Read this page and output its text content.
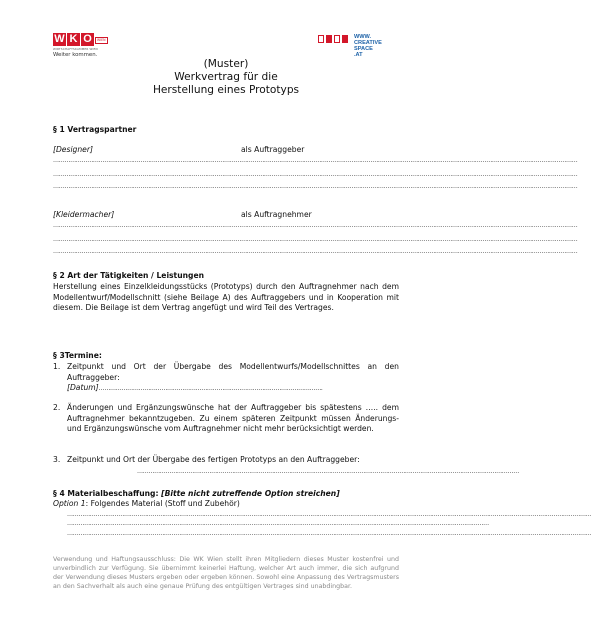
W K O	WIEN
WIRTSCHAFTSKAMMER WIEN
Weiter kommen.
WWW.
CREATIVE
SPACE
.AT
(Muster)
Werkvertrag für die
Herstellung eines Prototyps
§ 1 Vertragspartner
[Designer]	als Auftraggeber
……………………………………………………………………………………………………………………………………………………………………………………………………………………………………………………
……………………………………………………………………………………………………………………………………………………………………………………………………………………………………………………
……………………………………………………………………………………………………………………………………………………………………………………………………………………………………………………
[Kleidermacher]	als Auftragnehmer
……………………………………………………………………………………………………………………………………………………………………………………………………………………………………………………
……………………………………………………………………………………………………………………………………………………………………………………………………………………………………………………
……………………………………………………………………………………………………………………………………………………………………………………………………………………………………………………
§ 2 Art der Tätigkeiten / Leistungen
Herstellung eines Einzelkleidungsstücks (Prototyps) durch den Auftragnehmer nach dem Modellentwurf/Modellschnitt (siehe Beilage A) des Auftraggebers und in Kooperation mit diesem. Die Beilage ist dem Vertrag angefügt und wird Teil des Vertrages.
§ 3Termine:
1. Zeitpunkt und Ort der Übergabe des Modellentwurfs/Modellschnittes an den Auftraggeber:
[Datum]……………………………………………………………………………………………………….
2. Änderungen und Ergänzungswünsche hat der Auftraggeber bis spätestens ….. dem Auftragnehmer bekanntzugeben. Zu einem späteren Zeitpunkt müssen Änderungs- und Ergänzungswünsche vom Auftragnehmer nicht mehr berücksichtigt werden.
3. Zeitpunkt und Ort der Übergabe des fertigen Prototyps an den Auftraggeber:
…………………………………………………………………………………………………………………………………………………………………………………
§ 4 Materialbeschaffung: [Bitte nicht zutreffende Option streichen]
Option 1: Folgendes Material (Stoff und Zubehör)
……………………………………………………………………………………………………………………………………………………………………………………………………………………………………………………
……………………………………………………………………………………………………………………………………………………………………………………………………
……………………………………………………………………………………………………………………………………………………………………………………………………………………………………………………
Verwendung und Haftungsausschluss: Die WK Wien stellt ihren Mitgliedern dieses Muster kostenfrei und unverbindlich zur Verfügung. Sie übernimmt keinerlei Haftung, welcher Art auch immer, die sich aufgrund der Verwendung dieses Musters ergeben oder ergeben können. Sowohl eine Anpassung des Vertragsmusters an den Sachverhalt als auch eine genaue Prüfung des entgültigen Vertrages sind unabdingbar.
